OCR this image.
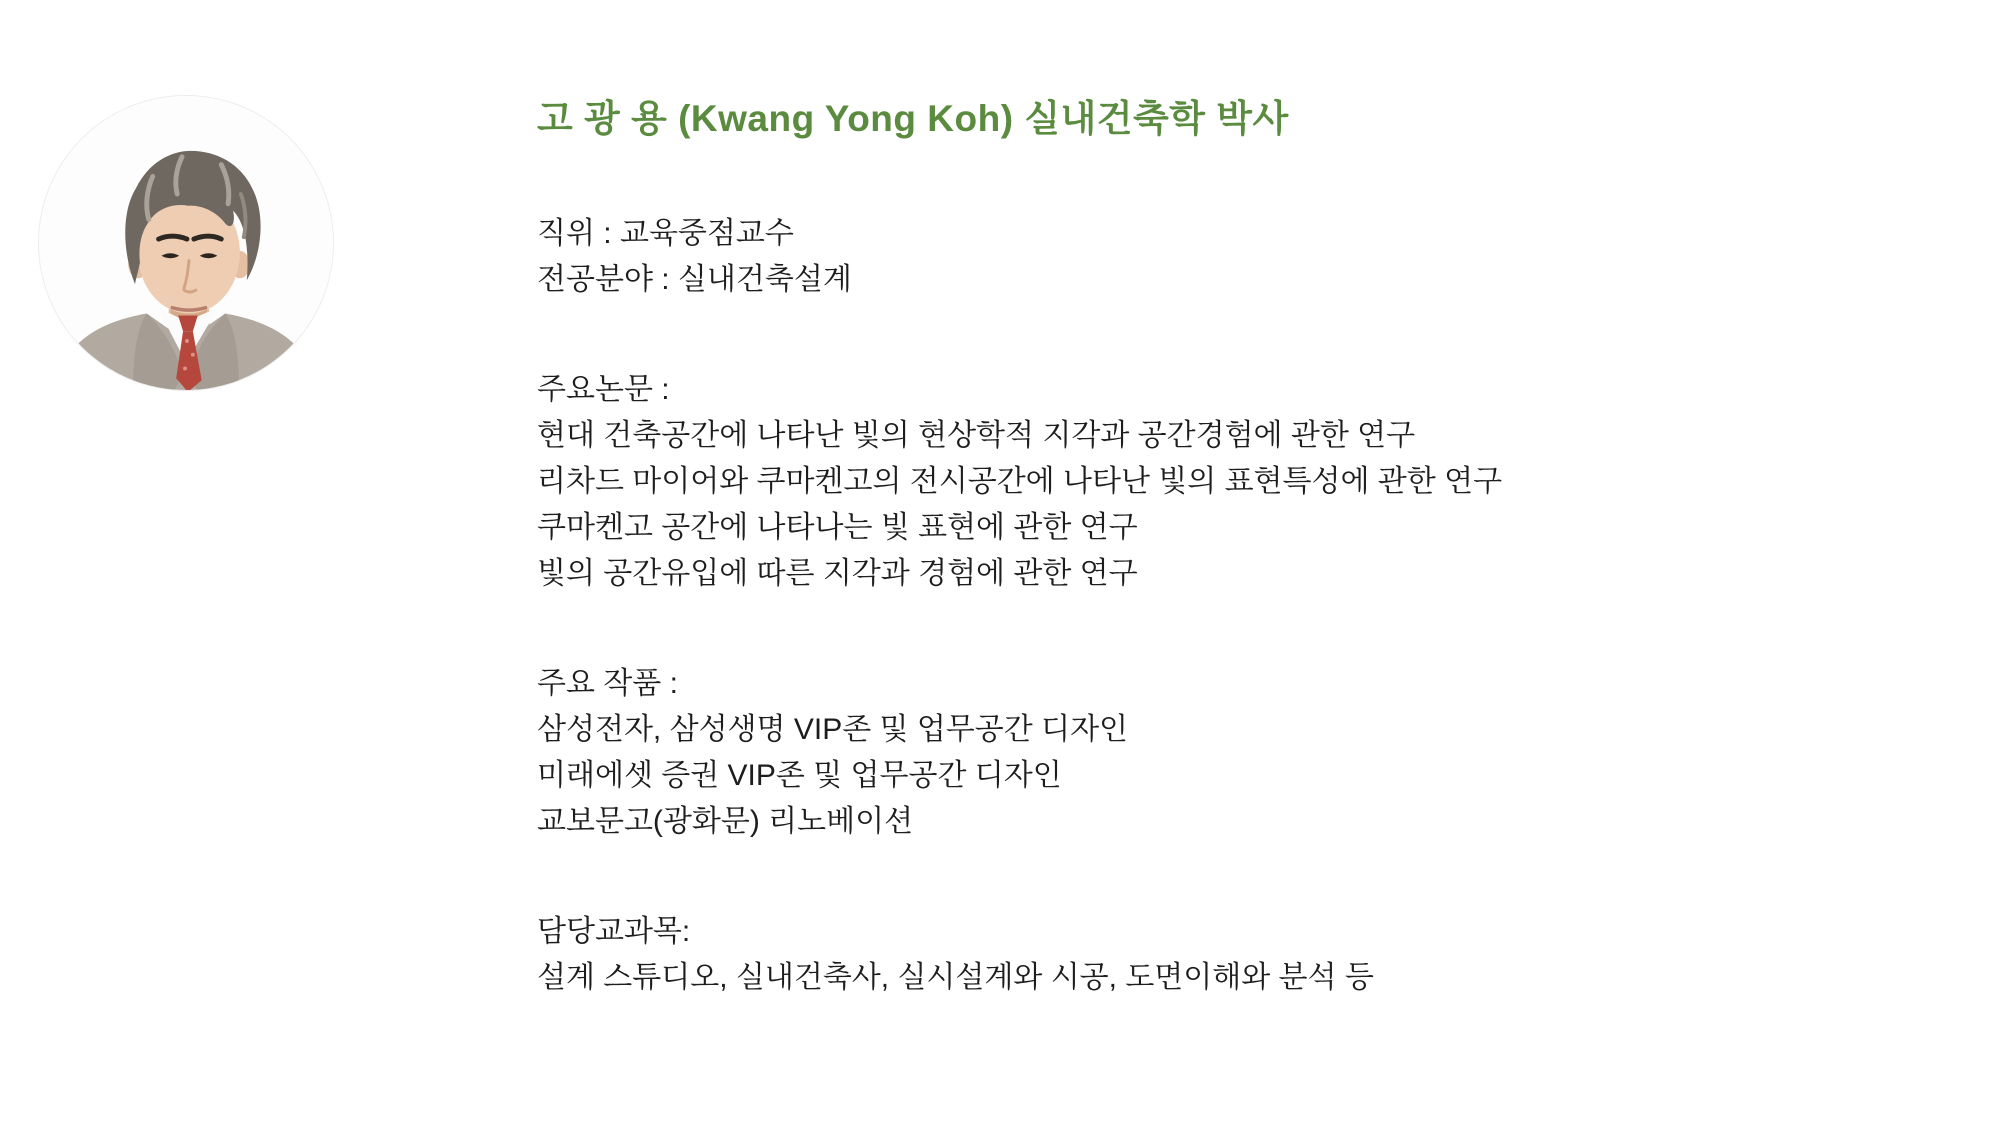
고 광 용 (Kwang Yong Koh) 실내건축학 박사
직위 : 교육중점교수
전공분야 : 실내건축설계
주요논문 :
현대 건축공간에 나타난 빛의 현상학적 지각과 공간경험에 관한 연구
리차드 마이어와 쿠마켄고의 전시공간에 나타난 빛의 표현특성에 관한 연구
쿠마켄고 공간에 나타나는 빛 표현에 관한 연구
빛의 공간유입에 따른 지각과 경험에 관한 연구
주요 작품 :
삼성전자, 삼성생명 VIP존 및 업무공간 디자인
미래에셋 증권 VIP존 및 업무공간 디자인
교보문고(광화문) 리노베이션
담당교과목:
설계 스튜디오, 실내건축사, 실시설계와 시공, 도면이해와 분석 등
